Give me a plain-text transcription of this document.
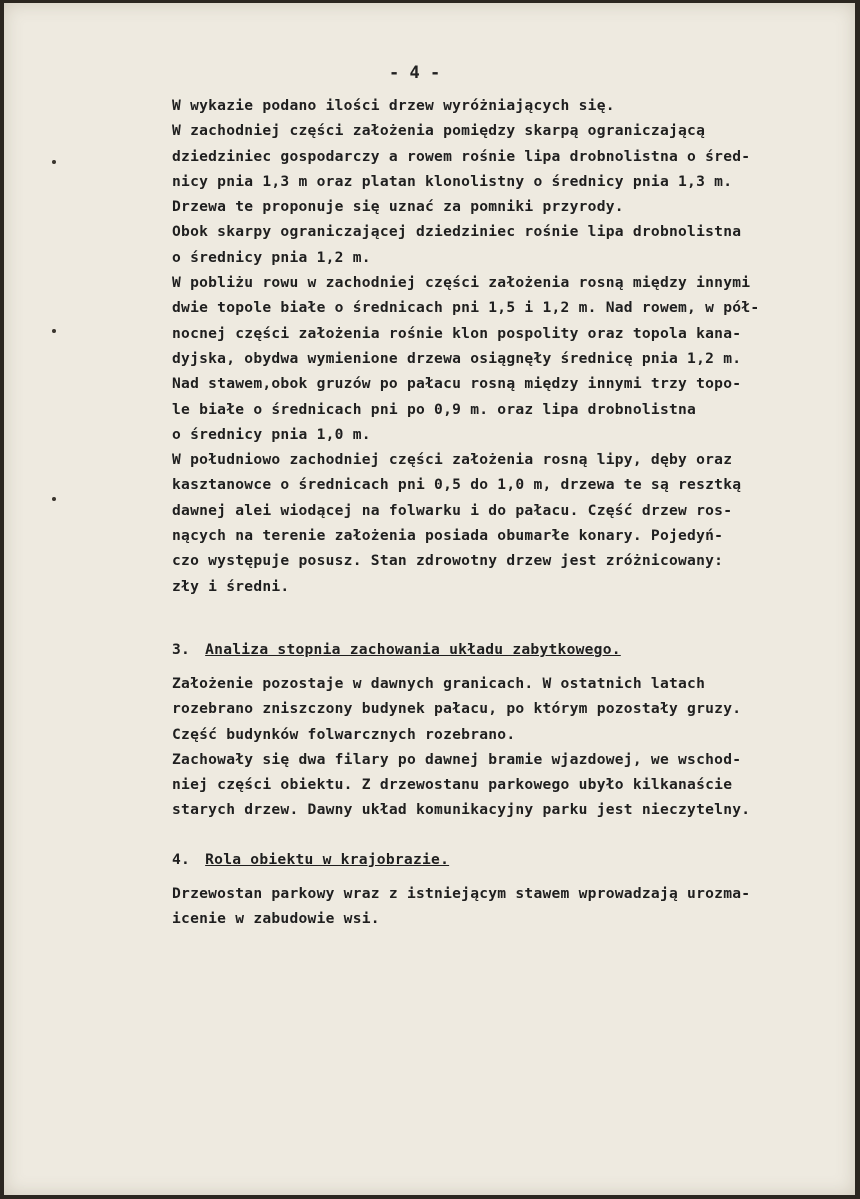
- 4 -
W wykazie podano ilości drzew wyróżniających się.
W zachodniej części założenia pomiędzy skarpą ograniczającą
dziedziniec gospodarczy a rowem rośnie lipa drobnolistna o śred-
nicy pnia 1,3 m oraz platan klonolistny o średnicy pnia 1,3 m.
Drzewa te proponuje się uznać za pomniki przyrody.
Obok skarpy ograniczającej dziedziniec rośnie lipa drobnolistna
o średnicy pnia 1,2 m.
W pobliżu rowu w zachodniej części założenia rosną między innymi
dwie topole białe o średnicach pni 1,5 i 1,2 m. Nad rowem, w pół-
nocnej części założenia rośnie klon pospolity oraz topola kana-
dyjska, obydwa wymienione drzewa osiągnęły średnicę pnia 1,2 m.
Nad stawem,obok gruzów po pałacu rosną między innymi trzy topo-
le białe o średnicach pni po 0,9 m. oraz lipa drobnolistna
o średnicy pnia 1,0 m.
W południowo zachodniej części założenia rosną lipy, dęby oraz
kasztanowce o średnicach pni 0,5 do 1,0 m, drzewa te są resztką
dawnej alei wiodącej na folwarku i do pałacu. Część drzew ros-
nących na terenie założenia posiada obumarłe konary. Pojedyń-
czo występuje posusz. Stan zdrowotny drzew jest zróżnicowany:
zły i średni.
3. Analiza stopnia zachowania układu zabytkowego.
Założenie pozostaje w dawnych granicach. W ostatnich latach
rozebrano zniszczony budynek pałacu, po którym pozostały gruzy.
Część budynków folwarcznych rozebrano.
Zachowały się dwa filary po dawnej bramie wjazdowej, we wschod-
niej części obiektu. Z drzewostanu parkowego ubyło kilkanaście
starych drzew. Dawny układ komunikacyjny parku jest nieczytelny.
4. Rola obiektu w krajobrazie.
Drzewostan parkowy wraz z istniejącym stawem wprowadzają urozma-
icenie w zabudowie wsi.
